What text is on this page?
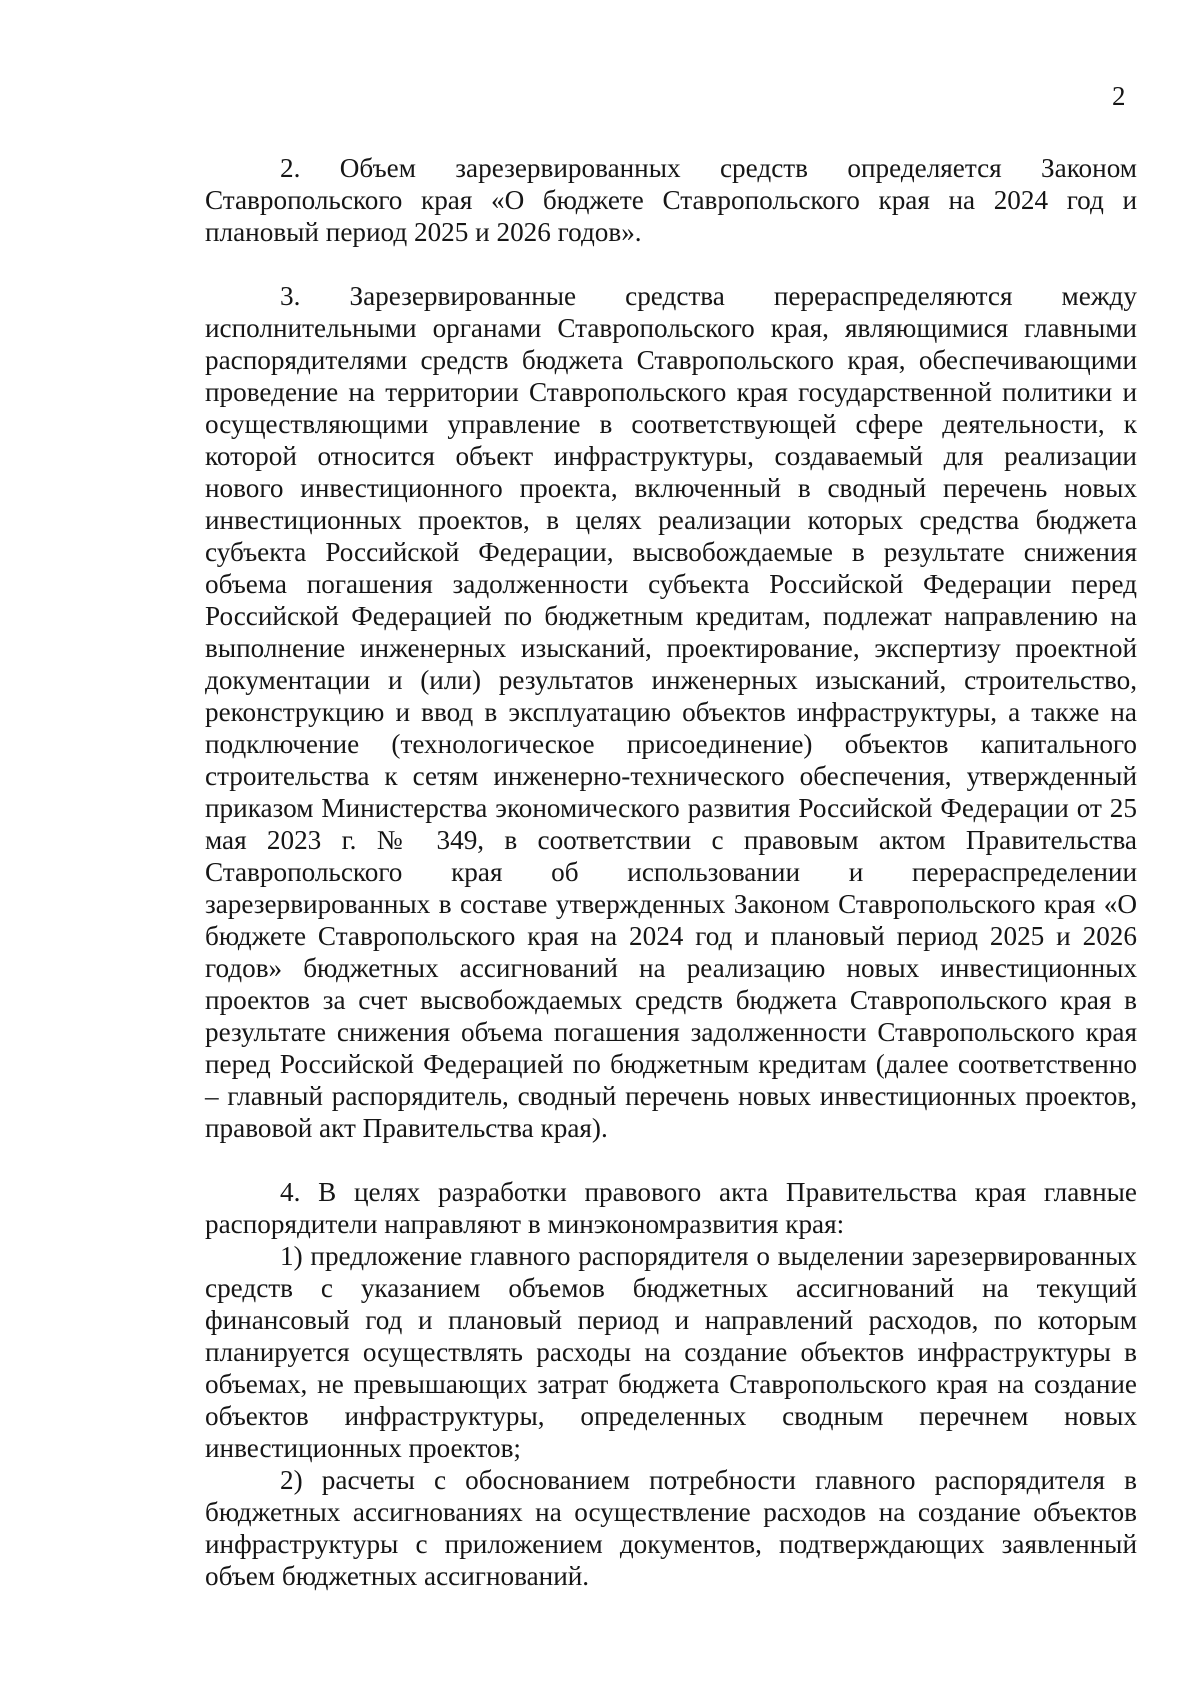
2

2. Объем зарезервированных средств определяется Законом Ставропольского края «О бюджете Ставропольского края на 2024 год и плановый период 2025 и 2026 годов».

3. Зарезервированные средства перераспределяются между исполнительными органами Ставропольского края, являющимися главными распорядителями средств бюджета Ставропольского края, обеспечивающими проведение на территории Ставропольского края государственной политики и осуществляющими управление в соответствующей сфере деятельности, к которой относится объект инфраструктуры, создаваемый для реализации нового инвестиционного проекта, включенный в сводный перечень новых инвестиционных проектов, в целях реализации которых средства бюджета субъекта Российской Федерации, высвобождаемые в результате снижения объема погашения задолженности субъекта Российской Федерации перед Российской Федерацией по бюджетным кредитам, подлежат направлению на выполнение инженерных изысканий, проектирование, экспертизу проектной документации и (или) результатов инженерных изысканий, строительство, реконструкцию и ввод в эксплуатацию объектов инфраструктуры, а также на подключение (технологическое присоединение) объектов капитального строительства к сетям инженерно-технического обеспечения, утвержденный приказом Министерства экономического развития Российской Федерации от 25 мая 2023 г. № 349, в соответствии с правовым актом Правительства Ставропольского края об использовании и перераспределении зарезервированных в составе утвержденных Законом Ставропольского края «О бюджете Ставропольского края на 2024 год и плановый период 2025 и 2026 годов» бюджетных ассигнований на реализацию новых инвестиционных проектов за счет высвобождаемых средств бюджета Ставропольского края в результате снижения объема погашения задолженности Ставропольского края перед Российской Федерацией по бюджетным кредитам (далее соответственно – главный распорядитель, сводный перечень новых инвестиционных проектов, правовой акт Правительства края).

4. В целях разработки правового акта Правительства края главные распорядители направляют в минэкономразвития края:

1) предложение главного распорядителя о выделении зарезервированных средств с указанием объемов бюджетных ассигнований на текущий финансовый год и плановый период и направлений расходов, по которым планируется осуществлять расходы на создание объектов инфраструктуры в объемах, не превышающих затрат бюджета Ставропольского края на создание объектов инфраструктуры, определенных сводным перечнем новых инвестиционных проектов;

2) расчеты с обоснованием потребности главного распорядителя в бюджетных ассигнованиях на осуществление расходов на создание объектов инфраструктуры с приложением документов, подтверждающих заявленный объем бюджетных ассигнований.
